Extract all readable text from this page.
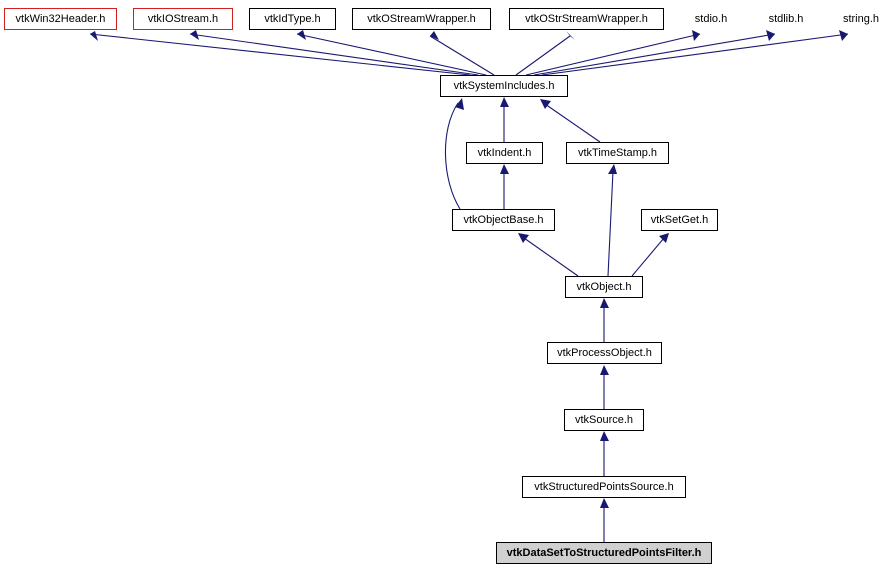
vtkWin32Header.h	vtkIOStream.h	vtkIdType.h	vtkOStreamWrapper.h	vtkOStrStreamWrapper.h	stdio.h	stdlib.h	string.h
vtkSystemIncludes.h
vtkIndent.h	vtkTimeStamp.h
vtkObjectBase.h	vtkSetGet.h
vtkObject.h
vtkProcessObject.h
vtkSource.h
vtkStructuredPointsSource.h
vtkDataSetToStructuredPointsFilter.h
